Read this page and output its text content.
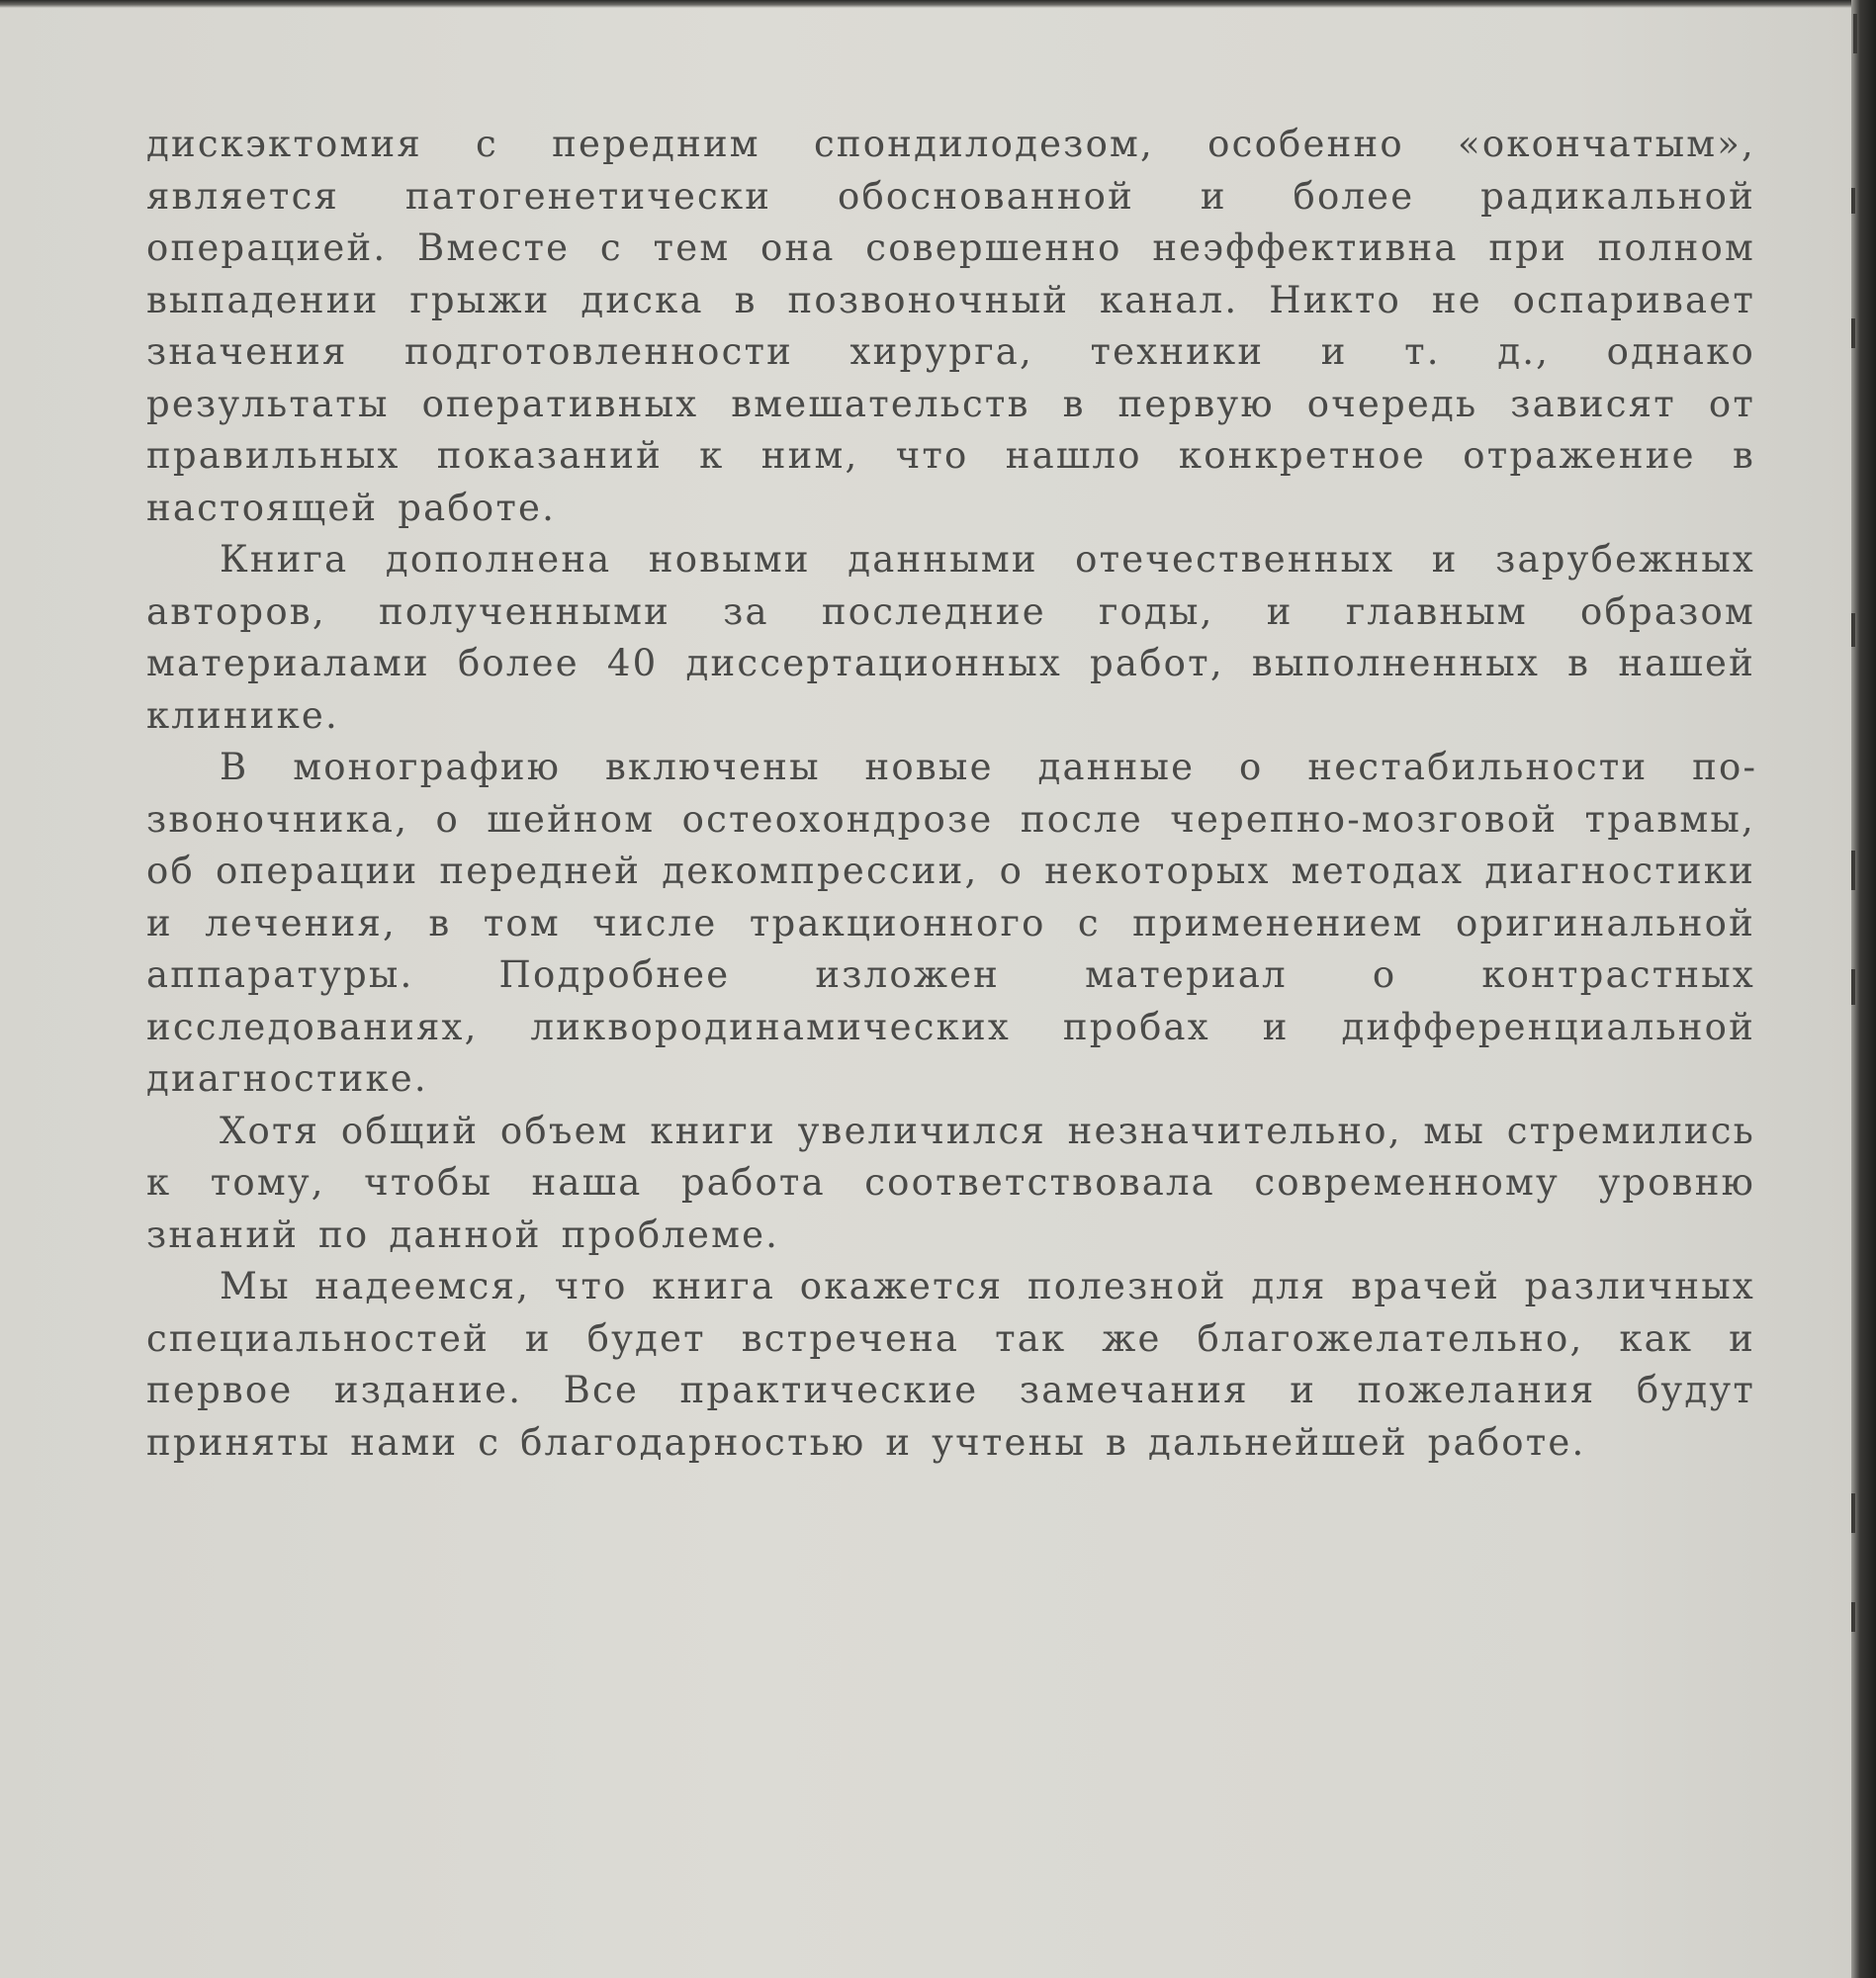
дискэктомия с передним спондилодезом, особенно «окончатым», является патогенетически обоснованной и более радикальной операцией. Вместе с тем она совершенно неэффективна при полном выпадении грыжи диска в позвоночный канал. Никто не оспаривает значения подготовленности хирурга, техники и т. д., однако результаты оперативных вмешательств в первую очередь зависят от правильных показаний к ним, что нашло конкретное отражение в настоящей работе.

Книга дополнена новыми данными отечественных и зарубежных авторов, полученными за последние годы, и главным образом материалами более 40 диссертационных работ, выполненных в нашей клинике.

В монографию включены новые данные о нестабильности позвоночника, о шейном остеохондрозе после черепно-мозговой травмы, об операции передней декомпрессии, о некоторых методах диагностики и лечения, в том числе тракционного с применением оригинальной аппаратуры. Подробнее изложен материал о контрастных исследованиях, ликвородинамических пробах и дифференциальной диагностике.

Хотя общий объем книги увеличился незначительно, мы стремились к тому, чтобы наша работа соответствовала современному уровню знаний по данной проблеме.

Мы надеемся, что книга окажется полезной для врачей различных специальностей и будет встречена так же благожелательно, как и первое издание. Все практические замечания и пожелания будут приняты нами с благодарностью и учтены в дальнейшей работе.
